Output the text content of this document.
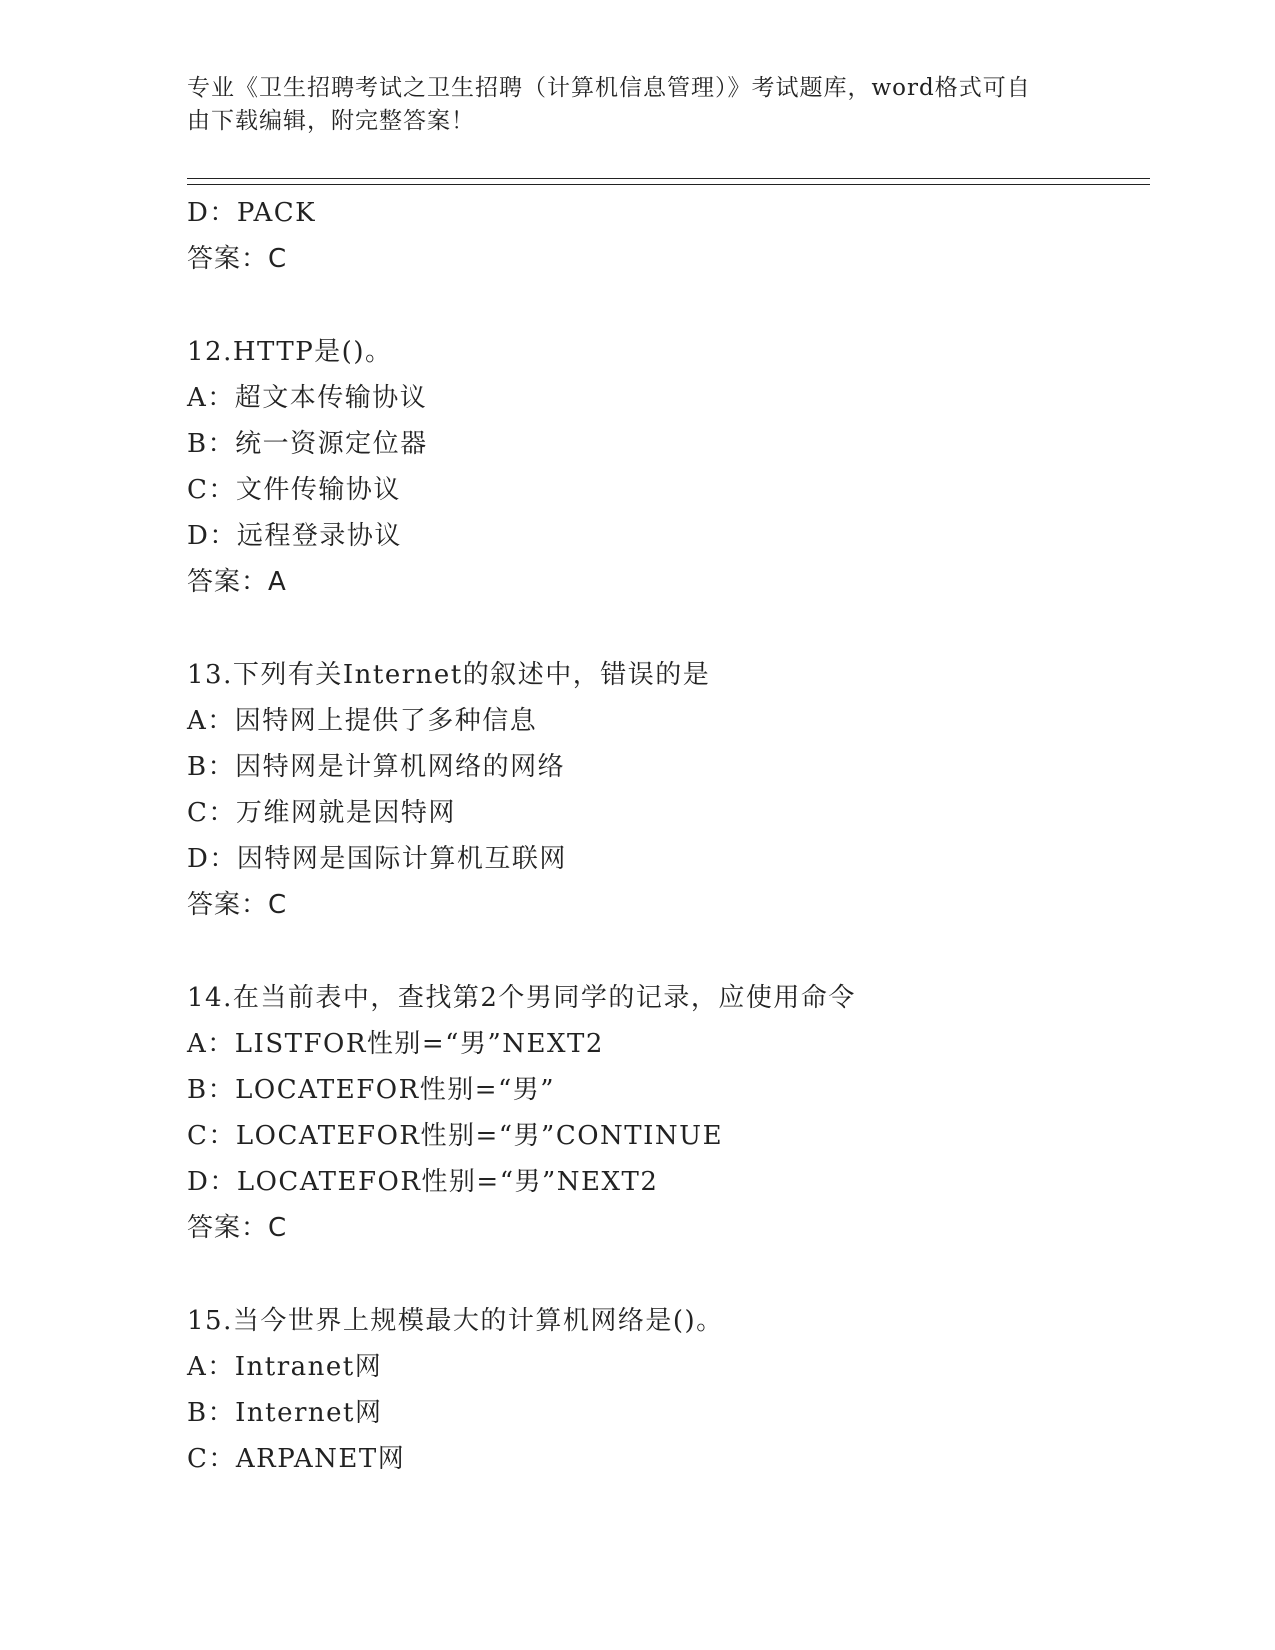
专业《卫生招聘考试之卫生招聘（计算机信息管理）》考试题库，word格式可自
由下载编辑，附完整答案！
D：PACK
答案：C
12.HTTP是()。
A：超文本传输协议
B：统一资源定位器
C：文件传输协议
D：远程登录协议
答案：A
13.下列有关Internet的叙述中，错误的是
A：因特网上提供了多种信息
B：因特网是计算机网络的网络
C：万维网就是因特网
D：因特网是国际计算机互联网
答案：C
14.在当前表中，查找第2个男同学的记录，应使用命令
A：LISTFOR性别=“男”NEXT2
B：LOCATEFOR性别=“男”
C：LOCATEFOR性别=“男”CONTINUE
D：LOCATEFOR性别=“男”NEXT2
答案：C
15.当今世界上规模最大的计算机网络是()。
A：Intranet网
B：Internet网
C：ARPANET网
